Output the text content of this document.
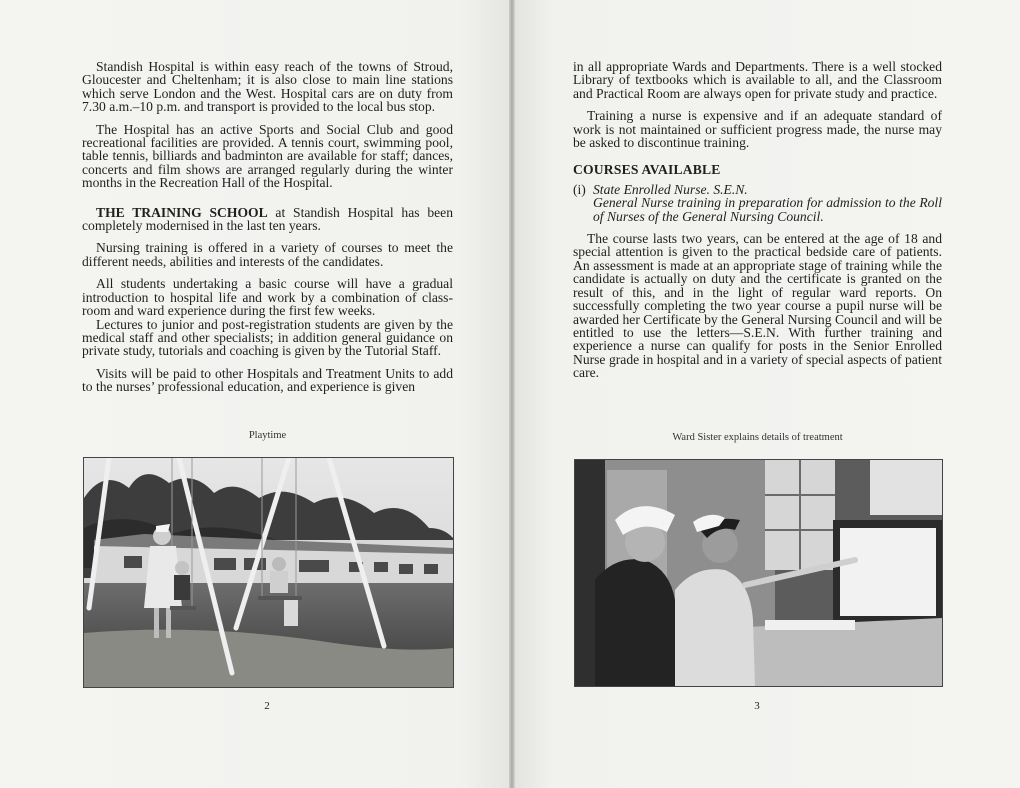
Standish Hospital is within easy reach of the towns of Stroud, Gloucester and Cheltenham; it is also close to main line stations which serve London and the West. Hospital cars are on duty from 7.30 a.m.–10 p.m. and transport is provided to the local bus stop.

The Hospital has an active Sports and Social Club and good recreational facilities are provided. A tennis court, swimming pool, table tennis, billiards and badminton are available for staff; dances, concerts and film shows are arranged regularly during the winter months in the Recreation Hall of the Hospital.

THE TRAINING SCHOOL at Standish Hospital has been completely modernised in the last ten years.

Nursing training is offered in a variety of courses to meet the different needs, abilities and interests of the candidates.

All students undertaking a basic course will have a gradual introduction to hospital life and work by a combination of class-room and ward experience during the first few weeks.

Lectures to junior and post-registration students are given by the medical staff and other specialists; in addition general guidance on private study, tutorials and coaching is given by the Tutorial Staff.

Visits will be paid to other Hospitals and Treatment Units to add to the nurses’ professional education, and experience is given

Playtime
2

in all appropriate Wards and Departments. There is a well stocked Library of textbooks which is available to all, and the Classroom and Practical Room are always open for private study and practice.

Training a nurse is expensive and if an adequate standard of work is not maintained or sufficient progress made, the nurse may be asked to discontinue training.

COURSES AVAILABLE
(i) State Enrolled Nurse. S.E.N.
General Nurse training in preparation for admission to the Roll of Nurses of the General Nursing Council.

The course lasts two years, can be entered at the age of 18 and special attention is given to the practical bedside care of patients. An assessment is made at an appropriate stage of training while the candidate is actually on duty and the certificate is granted on the result of this, and in the light of regular ward reports. On successfully completing the two year course a pupil nurse will be awarded her Certificate by the General Nursing Council and will be entitled to use the letters—S.E.N. With further training and experience a nurse can qualify for posts in the Senior Enrolled Nurse grade in hospital and in a variety of special aspects of patient care.

Ward Sister explains details of treatment
3
